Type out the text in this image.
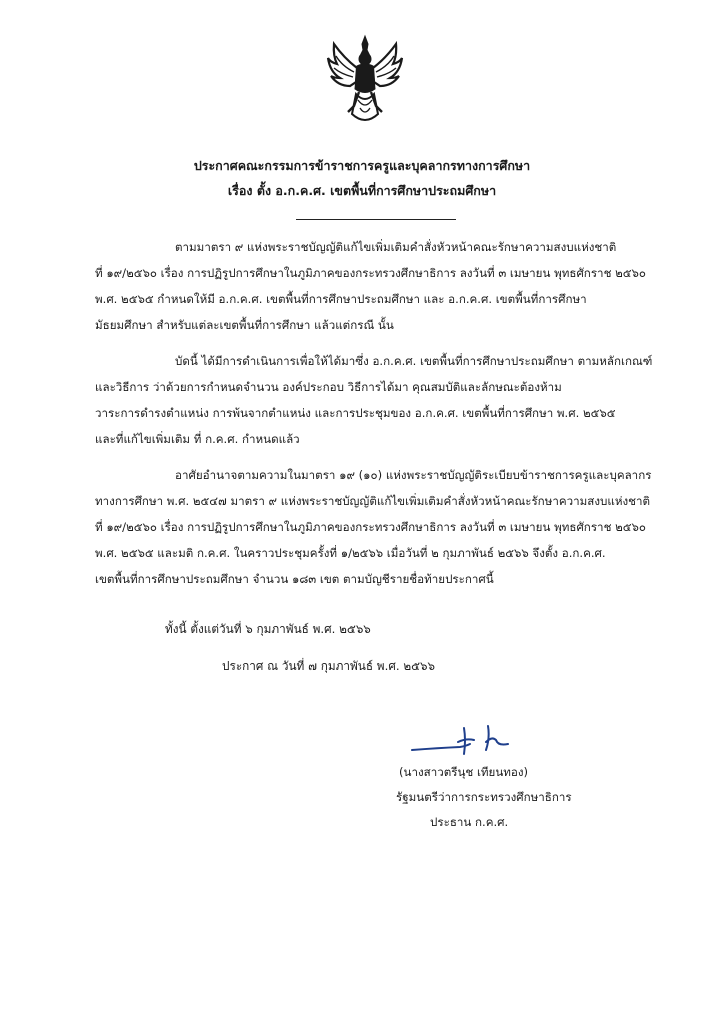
ประกาศคณะกรรมการข้าราชการครูและบุคลากรทางการศึกษา
เรื่อง ตั้ง อ.ก.ค.ศ. เขตพื้นที่การศึกษาประถมศึกษา
ตามมาตรา ๙ แห่งพระราชบัญญัติแก้ไขเพิ่มเติมคำสั่งหัวหน้าคณะรักษาความสงบแห่งชาติ
ที่ ๑๙/๒๕๖๐ เรื่อง การปฏิรูปการศึกษาในภูมิภาคของกระทรวงศึกษาธิการ ลงวันที่ ๓ เมษายน พุทธศักราช ๒๕๖๐
พ.ศ. ๒๕๖๕ กำหนดให้มี อ.ก.ค.ศ. เขตพื้นที่การศึกษาประถมศึกษา และ อ.ก.ค.ศ. เขตพื้นที่การศึกษา
มัธยมศึกษา สำหรับแต่ละเขตพื้นที่การศึกษา แล้วแต่กรณี นั้น
บัดนี้ ได้มีการดำเนินการเพื่อให้ได้มาซึ่ง อ.ก.ค.ศ. เขตพื้นที่การศึกษาประถมศึกษา ตามหลักเกณฑ์
และวิธีการ ว่าด้วยการกำหนดจำนวน องค์ประกอบ วิธีการได้มา คุณสมบัติและลักษณะต้องห้าม
วาระการดำรงตำแหน่ง การพ้นจากตำแหน่ง และการประชุมของ อ.ก.ค.ศ. เขตพื้นที่การศึกษา พ.ศ. ๒๕๖๕
และที่แก้ไขเพิ่มเติม ที่ ก.ค.ศ. กำหนดแล้ว
อาศัยอำนาจตามความในมาตรา ๑๙ (๑๐) แห่งพระราชบัญญัติระเบียบข้าราชการครูและบุคลากร
ทางการศึกษา พ.ศ. ๒๕๔๗ มาตรา ๙ แห่งพระราชบัญญัติแก้ไขเพิ่มเติมคำสั่งหัวหน้าคณะรักษาความสงบแห่งชาติ
ที่ ๑๙/๒๕๖๐ เรื่อง การปฏิรูปการศึกษาในภูมิภาคของกระทรวงศึกษาธิการ ลงวันที่ ๓ เมษายน พุทธศักราช ๒๕๖๐
พ.ศ. ๒๕๖๕ และมติ ก.ค.ศ. ในคราวประชุมครั้งที่ ๑/๒๕๖๖ เมื่อวันที่ ๒ กุมภาพันธ์ ๒๕๖๖ จึงตั้ง อ.ก.ค.ศ.
เขตพื้นที่การศึกษาประถมศึกษา จำนวน ๑๘๓ เขต ตามบัญชีรายชื่อท้ายประกาศนี้
ทั้งนี้ ตั้งแต่วันที่ ๖ กุมภาพันธ์ พ.ศ. ๒๕๖๖
ประกาศ ณ วันที่ ๗ กุมภาพันธ์ พ.ศ. ๒๕๖๖
(นางสาวตรีนุช เทียนทอง)
รัฐมนตรีว่าการกระทรวงศึกษาธิการ
ประธาน ก.ค.ศ.
